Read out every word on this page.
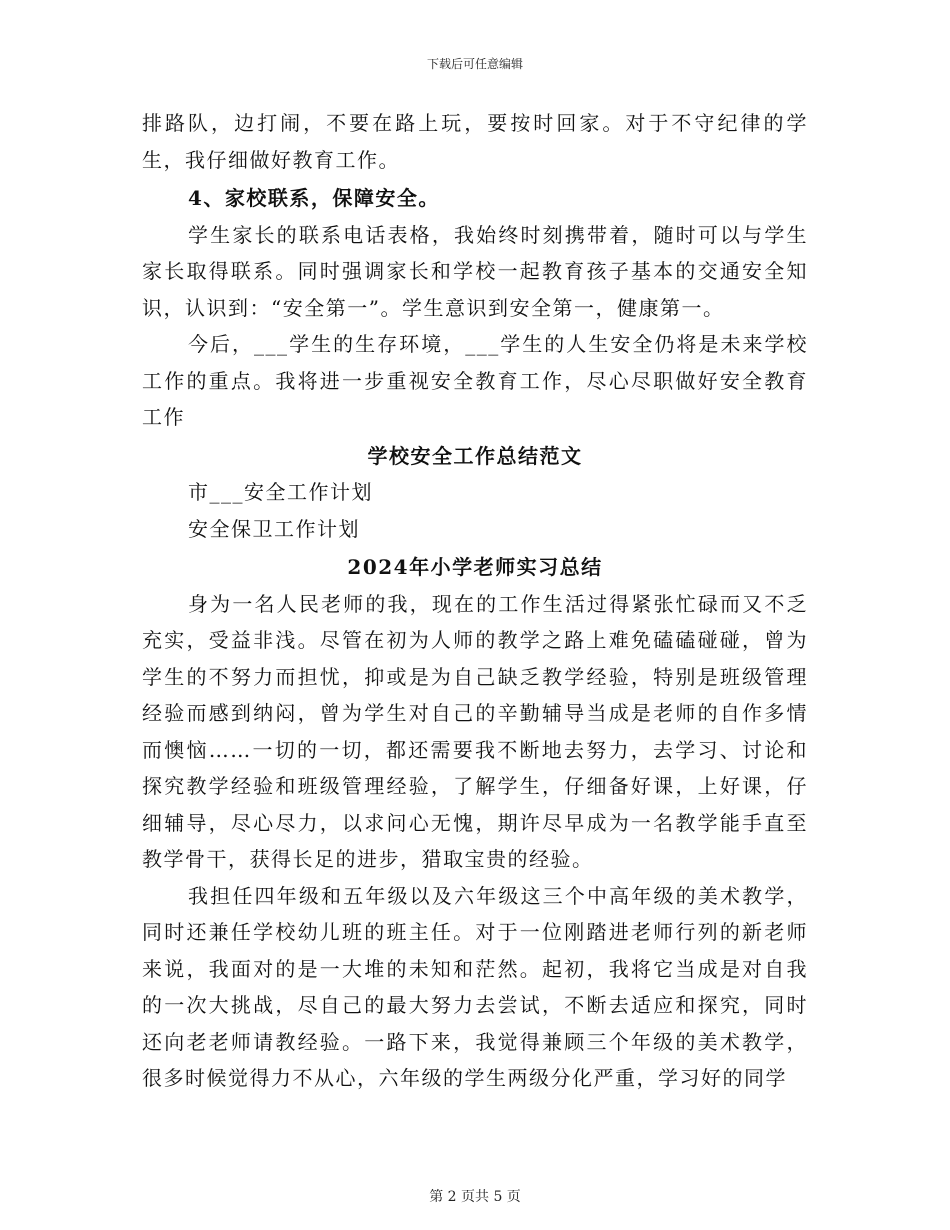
下载后可任意编辑

排路队，边打闹，不要在路上玩，要按时回家。对于不守纪律的学生，我仔细做好教育工作。

4、家校联系，保障安全。

学生家长的联系电话表格，我始终时刻携带着，随时可以与学生家长取得联系。同时强调家长和学校一起教育孩子基本的交通安全知识，认识到：“安全第一”。学生意识到安全第一，健康第一。

今后，___学生的生存环境，___学生的人生安全仍将是未来学校工作的重点。我将进一步重视安全教育工作，尽心尽职做好安全教育工作

学校安全工作总结范文

市___安全工作计划

安全保卫工作计划

2024年小学老师实习总结

身为一名人民老师的我，现在的工作生活过得紧张忙碌而又不乏充实，受益非浅。尽管在初为人师的教学之路上难免磕磕碰碰，曾为学生的不努力而担忧，抑或是为自己缺乏教学经验，特别是班级管理经验而感到纳闷，曾为学生对自己的辛勤辅导当成是老师的自作多情而懊恼……一切的一切，都还需要我不断地去努力，去学习、讨论和探究教学经验和班级管理经验，了解学生，仔细备好课，上好课，仔细辅导，尽心尽力，以求问心无愧，期许尽早成为一名教学能手直至教学骨干，获得长足的进步，猎取宝贵的经验。

我担任四年级和五年级以及六年级这三个中高年级的美术教学，同时还兼任学校幼儿班的班主任。对于一位刚踏进老师行列的新老师来说，我面对的是一大堆的未知和茫然。起初，我将它当成是对自我的一次大挑战，尽自己的最大努力去尝试，不断去适应和探究，同时还向老老师请教经验。一路下来，我觉得兼顾三个年级的美术教学，很多时候觉得力不从心，六年级的学生两级分化严重，学习好的同学

第 2 页共 5 页
